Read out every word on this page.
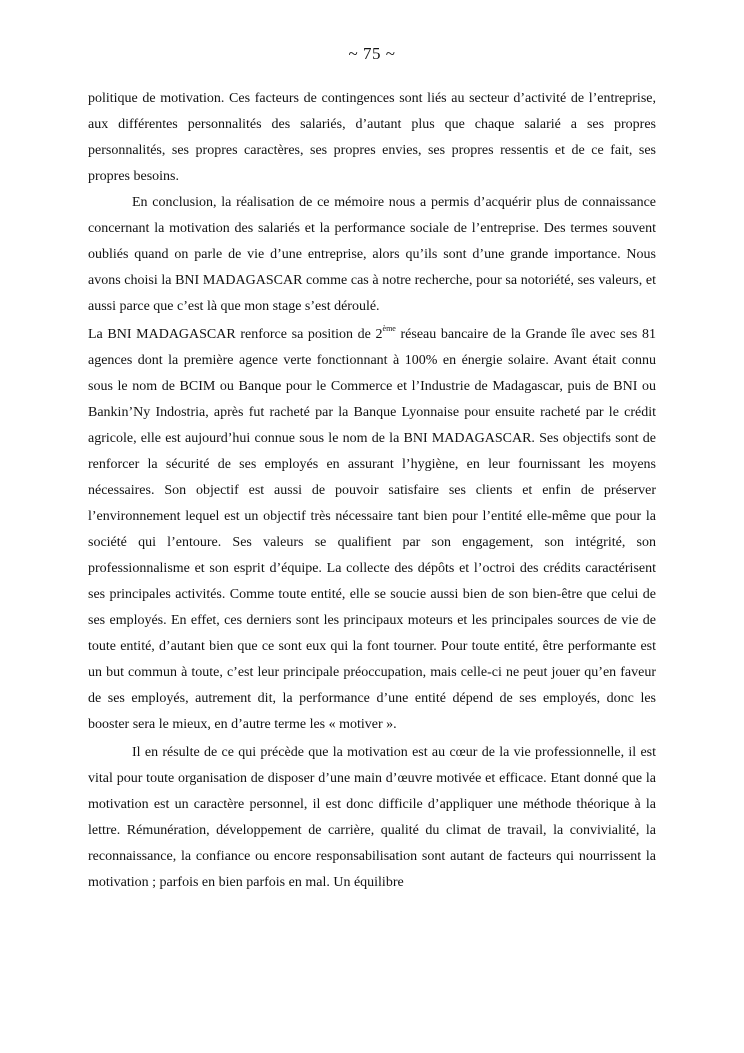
~ 75 ~

politique de motivation. Ces facteurs de contingences sont liés au secteur d’activité de l’entreprise, aux différentes personnalités des salariés, d’autant plus que chaque salarié a ses propres personnalités, ses propres caractères, ses propres envies, ses propres ressentis et de ce fait, ses propres besoins.

En conclusion, la réalisation de ce mémoire nous a permis d’acquérir plus de connaissance concernant la motivation des salariés et la performance sociale de l’entreprise. Des termes souvent oubliés quand on parle de vie d’une entreprise, alors qu’ils sont d’une grande importance. Nous avons choisi la BNI MADAGASCAR comme cas à notre recherche, pour sa notoriété, ses valeurs, et aussi parce que c’est là que mon stage s’est déroulé.

La BNI MADAGASCAR renforce sa position de 2ème réseau bancaire de la Grande île avec ses 81 agences dont la première agence verte fonctionnant à 100% en énergie solaire. Avant était connu sous le nom de BCIM ou Banque pour le Commerce et l’Industrie de Madagascar, puis de BNI ou Bankin’Ny Indostria, après fut racheté par la Banque Lyonnaise pour ensuite racheté par le crédit agricole, elle est aujourd’hui connue sous le nom de la BNI MADAGASCAR. Ses objectifs sont de renforcer la sécurité de ses employés en assurant l’hygiène, en leur fournissant les moyens nécessaires. Son objectif est aussi de pouvoir satisfaire ses clients et enfin de préserver l’environnement lequel est un objectif très nécessaire tant bien pour l’entité elle-même que pour la société qui l’entoure. Ses valeurs se qualifient par son engagement, son intégrité, son professionnalisme et son esprit d’équipe. La collecte des dépôts et l’octroi des crédits caractérisent ses principales activités. Comme toute entité, elle se soucie aussi bien de son bien-être que celui de ses employés. En effet, ces derniers sont les principaux moteurs et les principales sources de vie de toute entité, d’autant bien que ce sont eux qui la font tourner. Pour toute entité, être performante est un but commun à toute, c’est leur principale préoccupation, mais celle-ci ne peut jouer qu’en faveur de ses employés, autrement dit, la performance d’une entité dépend de ses employés, donc les booster sera le mieux, en d’autre terme les « motiver ».

Il en résulte de ce qui précède que la motivation est au cœur de la vie professionnelle, il est vital pour toute organisation de disposer d’une main d’œuvre motivée et efficace. Etant donné que la motivation est un caractère personnel, il est donc difficile d’appliquer une méthode théorique à la lettre. Rémunération, développement de carrière, qualité du climat de travail, la convivialité, la reconnaissance, la confiance ou encore responsabilisation sont autant de facteurs qui nourrissent la motivation ; parfois en bien parfois en mal. Un équilibre
